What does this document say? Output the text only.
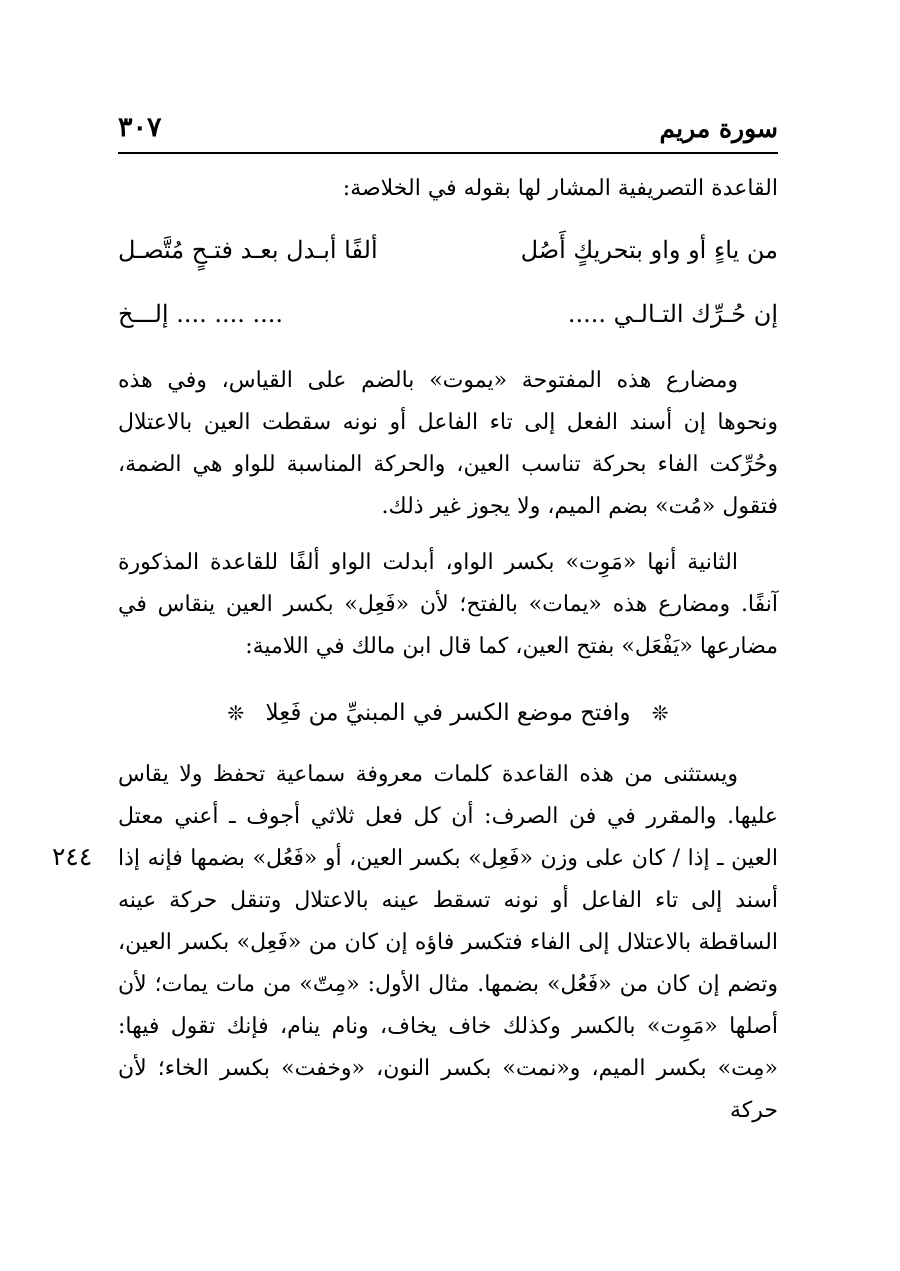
سورة مريم
٣٠٧
٢٤٤

القاعدة التصريفية المشار لها بقوله في الخلاصة:

من ياءٍ أو واو بتحريكٍ أَصُل
ألفًا أبـدل بعـد فتـحٍ مُتَّصـل
إن حُـرِّك التـالـي .....
.... .... .... إلـــخ

ومضارع هذه المفتوحة «يموت» بالضم على القياس، وفي هذه ونحوها إن أسند الفعل إلى تاء الفاعل أو نونه سقطت العين بالاعتلال وحُرِّكت الفاء بحركة تناسب العين، والحركة المناسبة للواو هي الضمة، فتقول «مُت» بضم الميم، ولا يجوز غير ذلك.

الثانية أنها «مَوِت» بكسر الواو، أبدلت الواو ألفًا للقاعدة المذكورة آنفًا. ومضارع هذه «يمات» بالفتح؛ لأن «فَعِل» بكسر العين ينقاس في مضارعها «يَفْعَل» بفتح العين، كما قال ابن مالك في اللامية:

❊ وافتح موضع الكسر في المبنيِّ من فَعِلا ❊

ويستثنى من هذه القاعدة كلمات معروفة سماعية تحفظ ولا يقاس عليها. والمقرر في فن الصرف: أن كل فعل ثلاثي أجوف ـ أعني معتل العين ـ إذا / كان على وزن «فَعِل» بكسر العين، أو «فَعُل» بضمها فإنه إذا أسند إلى تاء الفاعل أو نونه تسقط عينه بالاعتلال وتنقل حركة عينه الساقطة بالاعتلال إلى الفاء فتكسر فاؤه إن كان من «فَعِل» بكسر العين، وتضم إن كان من «فَعُل» بضمها. مثال الأول: «مِتّ» من مات يمات؛ لأن أصلها «مَوِت» بالكسر وكذلك خاف يخاف، ونام ينام، فإنك تقول فيها: «مِت» بكسر الميم، و«نمت» بكسر النون، «وخفت» بكسر الخاء؛ لأن حركة
